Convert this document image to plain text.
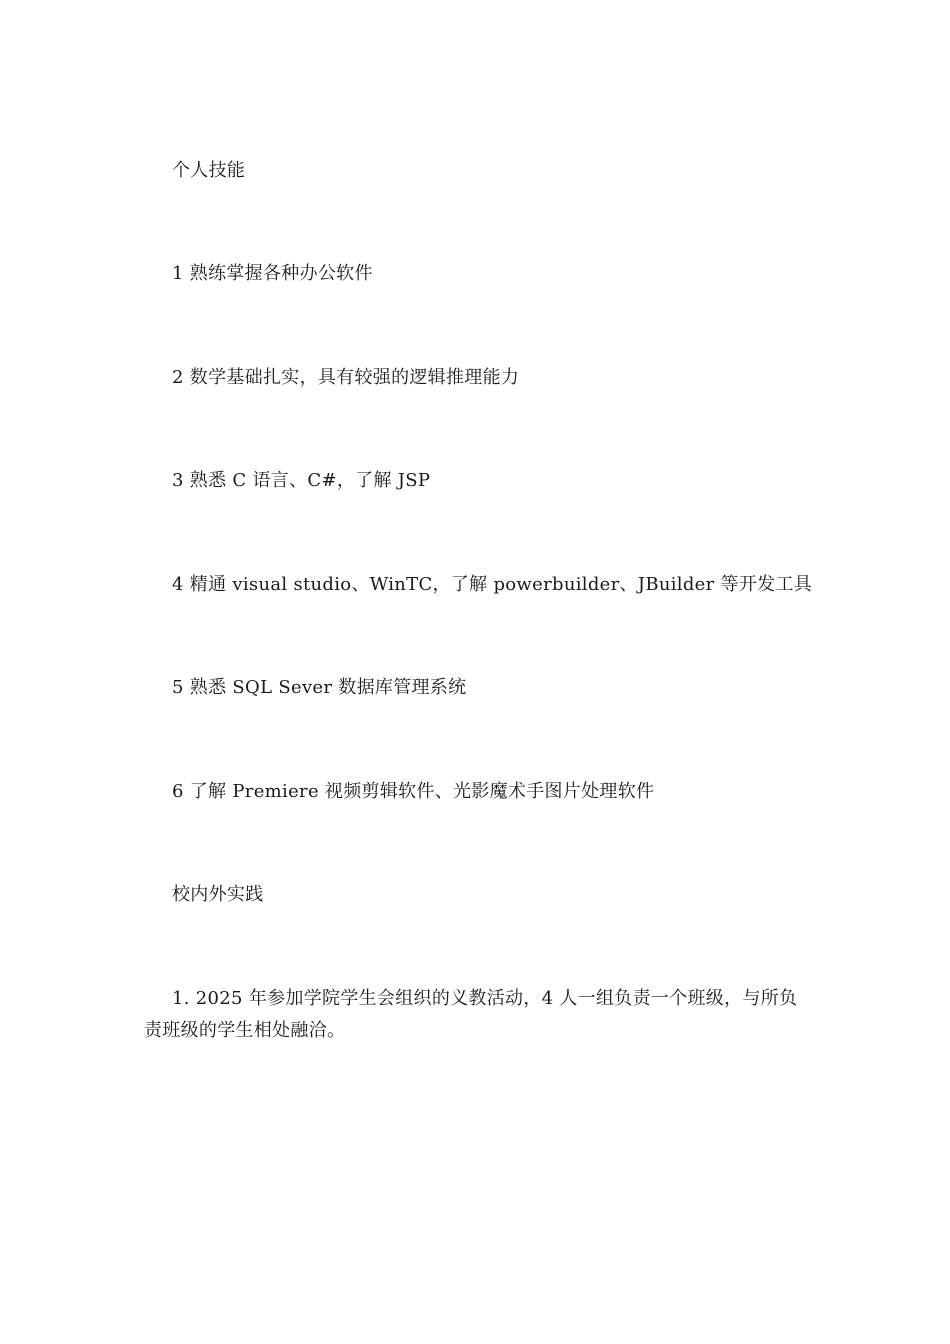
个人技能
1 熟练掌握各种办公软件
2 数学基础扎实，具有较强的逻辑推理能力
3 熟悉 C 语言、C#，了解 JSP
4 精通 visual studio、WinTC，了解 powerbuilder、JBuilder 等开发工具
5 熟悉 SQL Sever 数据库管理系统
6 了解 Premiere 视频剪辑软件、光影魔术手图片处理软件
校内外实践
1. 2025 年参加学院学生会组织的义教活动，4 人一组负责一个班级，与所负责班级的学生相处融洽。
